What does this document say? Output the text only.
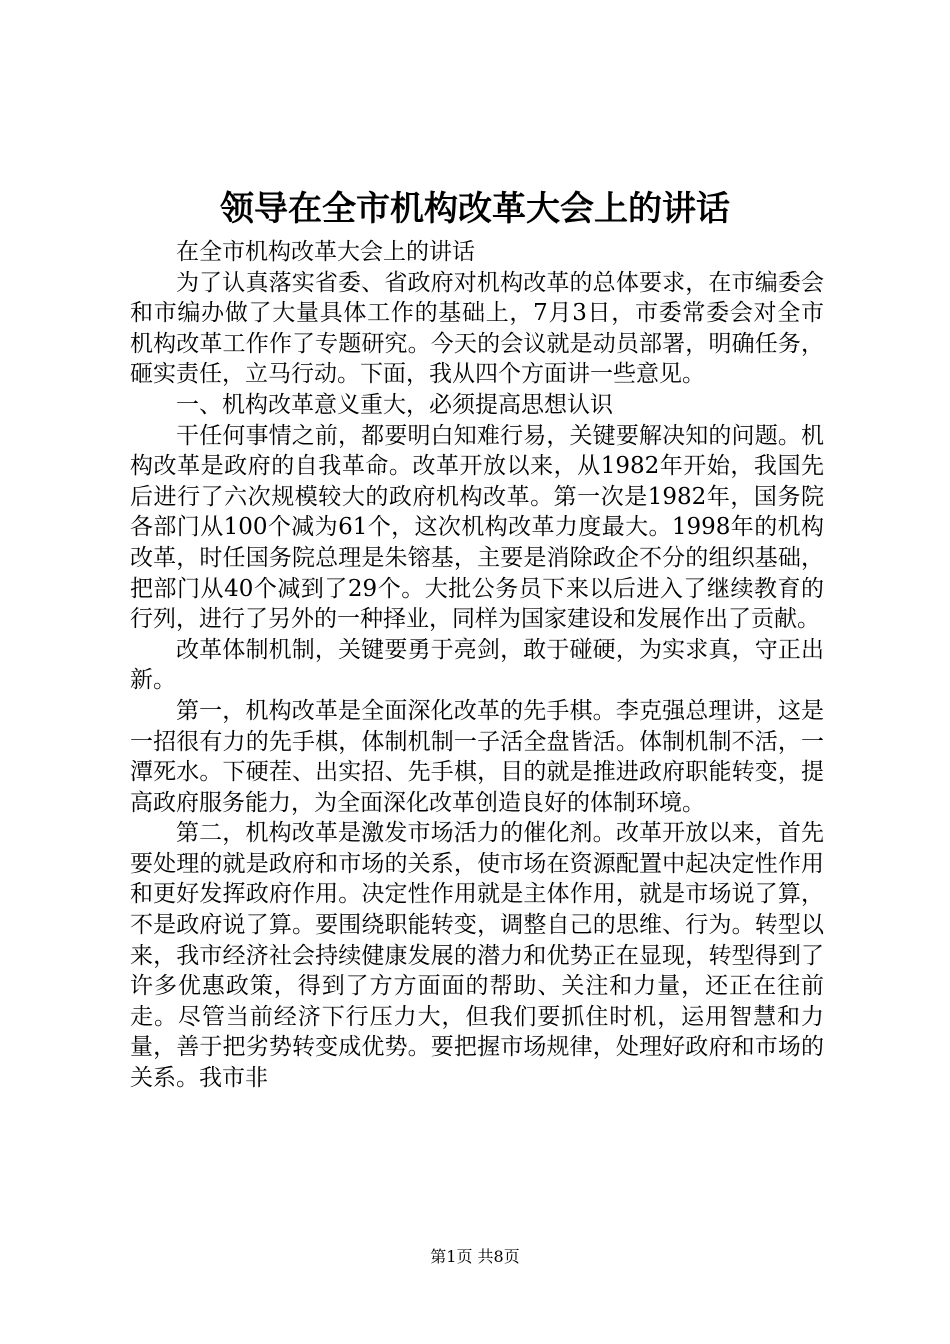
领导在全市机构改革大会上的讲话

在全市机构改革大会上的讲话

为了认真落实省委、省政府对机构改革的总体要求，在市编委会和市编办做了大量具体工作的基础上，7月3日，市委常委会对全市机构改革工作作了专题研究。今天的会议就是动员部署，明确任务，砸实责任，立马行动。下面，我从四个方面讲一些意见。

一、机构改革意义重大，必须提高思想认识

干任何事情之前，都要明白知难行易，关键要解决知的问题。机构改革是政府的自我革命。改革开放以来，从1982年开始，我国先后进行了六次规模较大的政府机构改革。第一次是1982年，国务院各部门从100个减为61个，这次机构改革力度最大。1998年的机构改革，时任国务院总理是朱镕基，主要是消除政企不分的组织基础，把部门从40个减到了29个。大批公务员下来以后进入了继续教育的行列，进行了另外的一种择业，同样为国家建设和发展作出了贡献。

改革体制机制，关键要勇于亮剑，敢于碰硬，为实求真，守正出新。

第一，机构改革是全面深化改革的先手棋。李克强总理讲，这是一招很有力的先手棋，体制机制一子活全盘皆活。体制机制不活，一潭死水。下硬茬、出实招、先手棋，目的就是推进政府职能转变，提高政府服务能力，为全面深化改革创造良好的体制环境。

第二，机构改革是激发市场活力的催化剂。改革开放以来，首先要处理的就是政府和市场的关系，使市场在资源配置中起决定性作用和更好发挥政府作用。决定性作用就是主体作用，就是市场说了算，不是政府说了算。要围绕职能转变，调整自己的思维、行为。转型以来，我市经济社会持续健康发展的潜力和优势正在显现，转型得到了许多优惠政策，得到了方方面面的帮助、关注和力量，还正在往前走。尽管当前经济下行压力大，但我们要抓住时机，运用智慧和力量，善于把劣势转变成优势。要把握市场规律，处理好政府和市场的关系。我市非

第1页 共8页
